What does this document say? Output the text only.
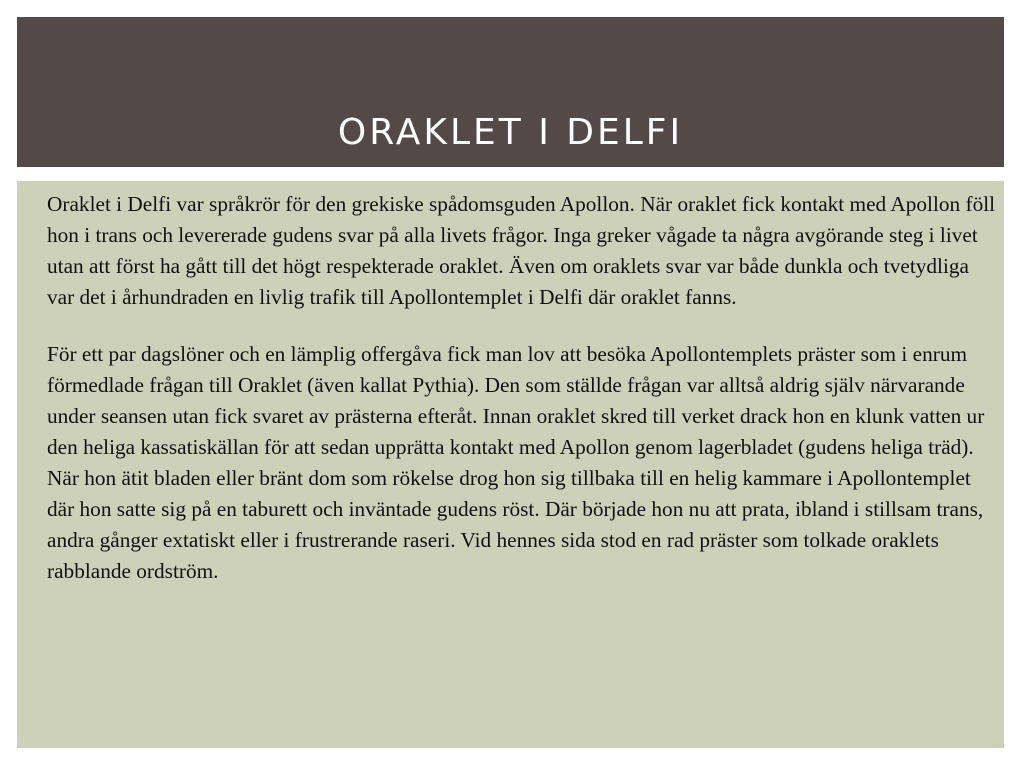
ORAKLET I DELFI

Oraklet i Delfi var språkrör för den grekiske spådomsguden Apollon. När oraklet fick kontakt med Apollon föll hon i trans och levererade gudens svar på alla livets frågor. Inga greker vågade ta några avgörande steg i livet utan att först ha gått till det högt respekterade oraklet. Även om oraklets svar var både dunkla och tvetydliga var det i århundraden en livlig trafik till Apollontemplet i Delfi där oraklet fanns.

För ett par dagslöner och en lämplig offergåva fick man lov att besöka Apollontemplets präster som i enrum förmedlade frågan till Oraklet (även kallat Pythia). Den som ställde frågan var alltså aldrig själv närvarande under seansen utan fick svaret av prästerna efteråt. Innan oraklet skred till verket drack hon en klunk vatten ur den heliga kassatiskällan för att sedan upprätta kontakt med Apollon genom lagerbladet (gudens heliga träd). När hon ätit bladen eller bränt dom som rökelse drog hon sig tillbaka till en helig kammare i Apollontemplet där hon satte sig på en taburett och inväntade gudens röst. Där började hon nu att prata, ibland i stillsam trans, andra gånger extatiskt eller i frustrerande raseri. Vid hennes sida stod en rad präster som tolkade oraklets rabblande ordström.
